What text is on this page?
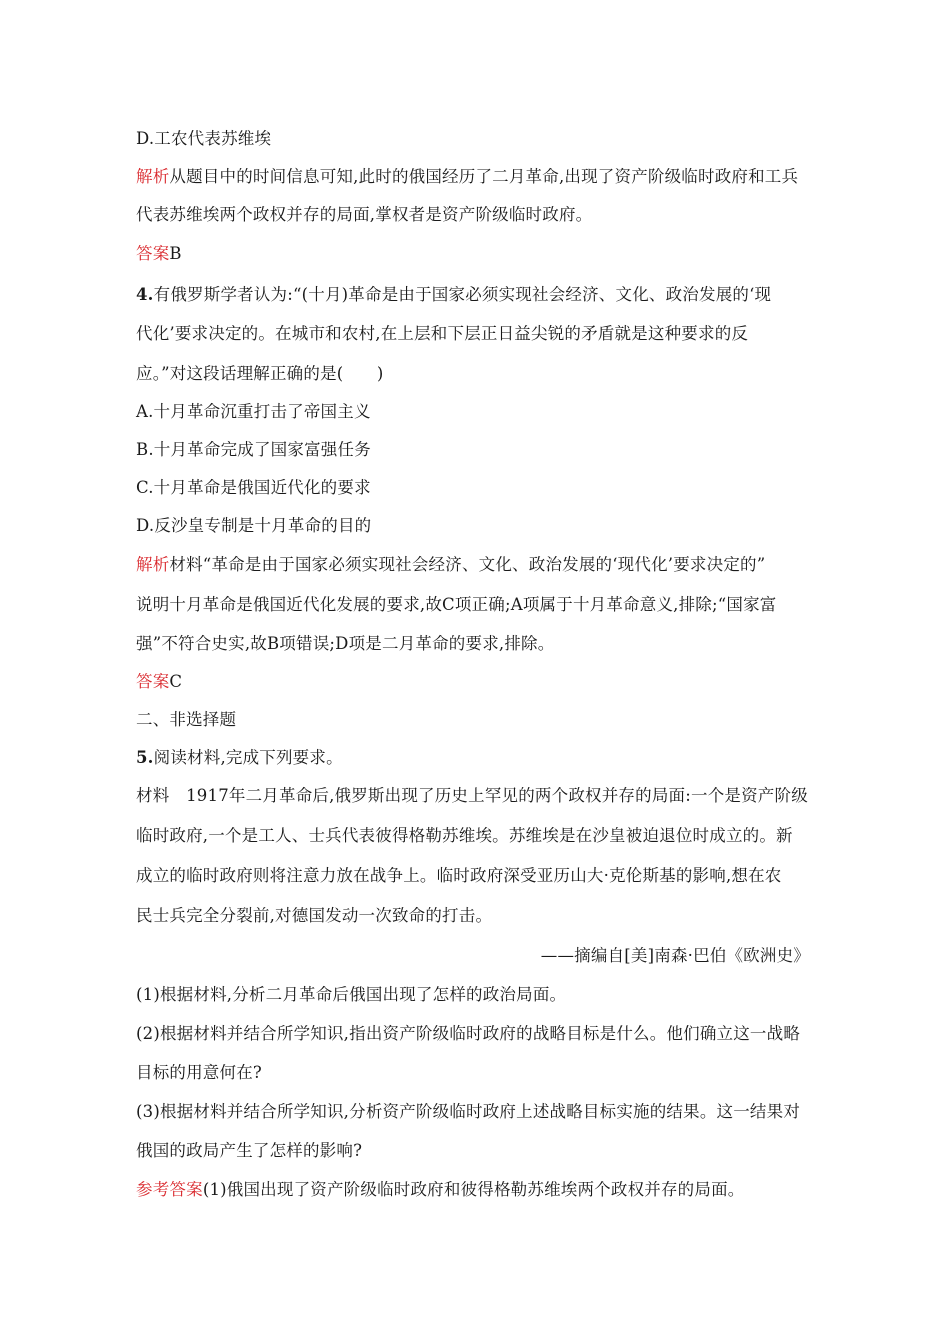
D.工农代表苏维埃
解析从题目中的时间信息可知,此时的俄国经历了二月革命,出现了资产阶级临时政府和工兵
代表苏维埃两个政权并存的局面,掌权者是资产阶级临时政府。
答案B
4.有俄罗斯学者认为:“(十月)革命是由于国家必须实现社会经济、文化、政治发展的‘现
代化’要求决定的。在城市和农村,在上层和下层正日益尖锐的矛盾就是这种要求的反
应。”对这段话理解正确的是(　　)
A.十月革命沉重打击了帝国主义
B.十月革命完成了国家富强任务
C.十月革命是俄国近代化的要求
D.反沙皇专制是十月革命的目的
解析材料“革命是由于国家必须实现社会经济、文化、政治发展的‘现代化’要求决定的”
说明十月革命是俄国近代化发展的要求,故C项正确;A项属于十月革命意义,排除;“国家富
强”不符合史实,故B项错误;D项是二月革命的要求,排除。
答案C
二、非选择题
5.阅读材料,完成下列要求。
材料　1917年二月革命后,俄罗斯出现了历史上罕见的两个政权并存的局面:一个是资产阶级
临时政府,一个是工人、士兵代表彼得格勒苏维埃。苏维埃是在沙皇被迫退位时成立的。新
成立的临时政府则将注意力放在战争上。临时政府深受亚历山大·克伦斯基的影响,想在农
民士兵完全分裂前,对德国发动一次致命的打击。
——摘编自[美]南森·巴伯《欧洲史》
(1)根据材料,分析二月革命后俄国出现了怎样的政治局面。
(2)根据材料并结合所学知识,指出资产阶级临时政府的战略目标是什么。他们确立这一战略
目标的用意何在?
(3)根据材料并结合所学知识,分析资产阶级临时政府上述战略目标实施的结果。这一结果对
俄国的政局产生了怎样的影响?
参考答案(1)俄国出现了资产阶级临时政府和彼得格勒苏维埃两个政权并存的局面。
